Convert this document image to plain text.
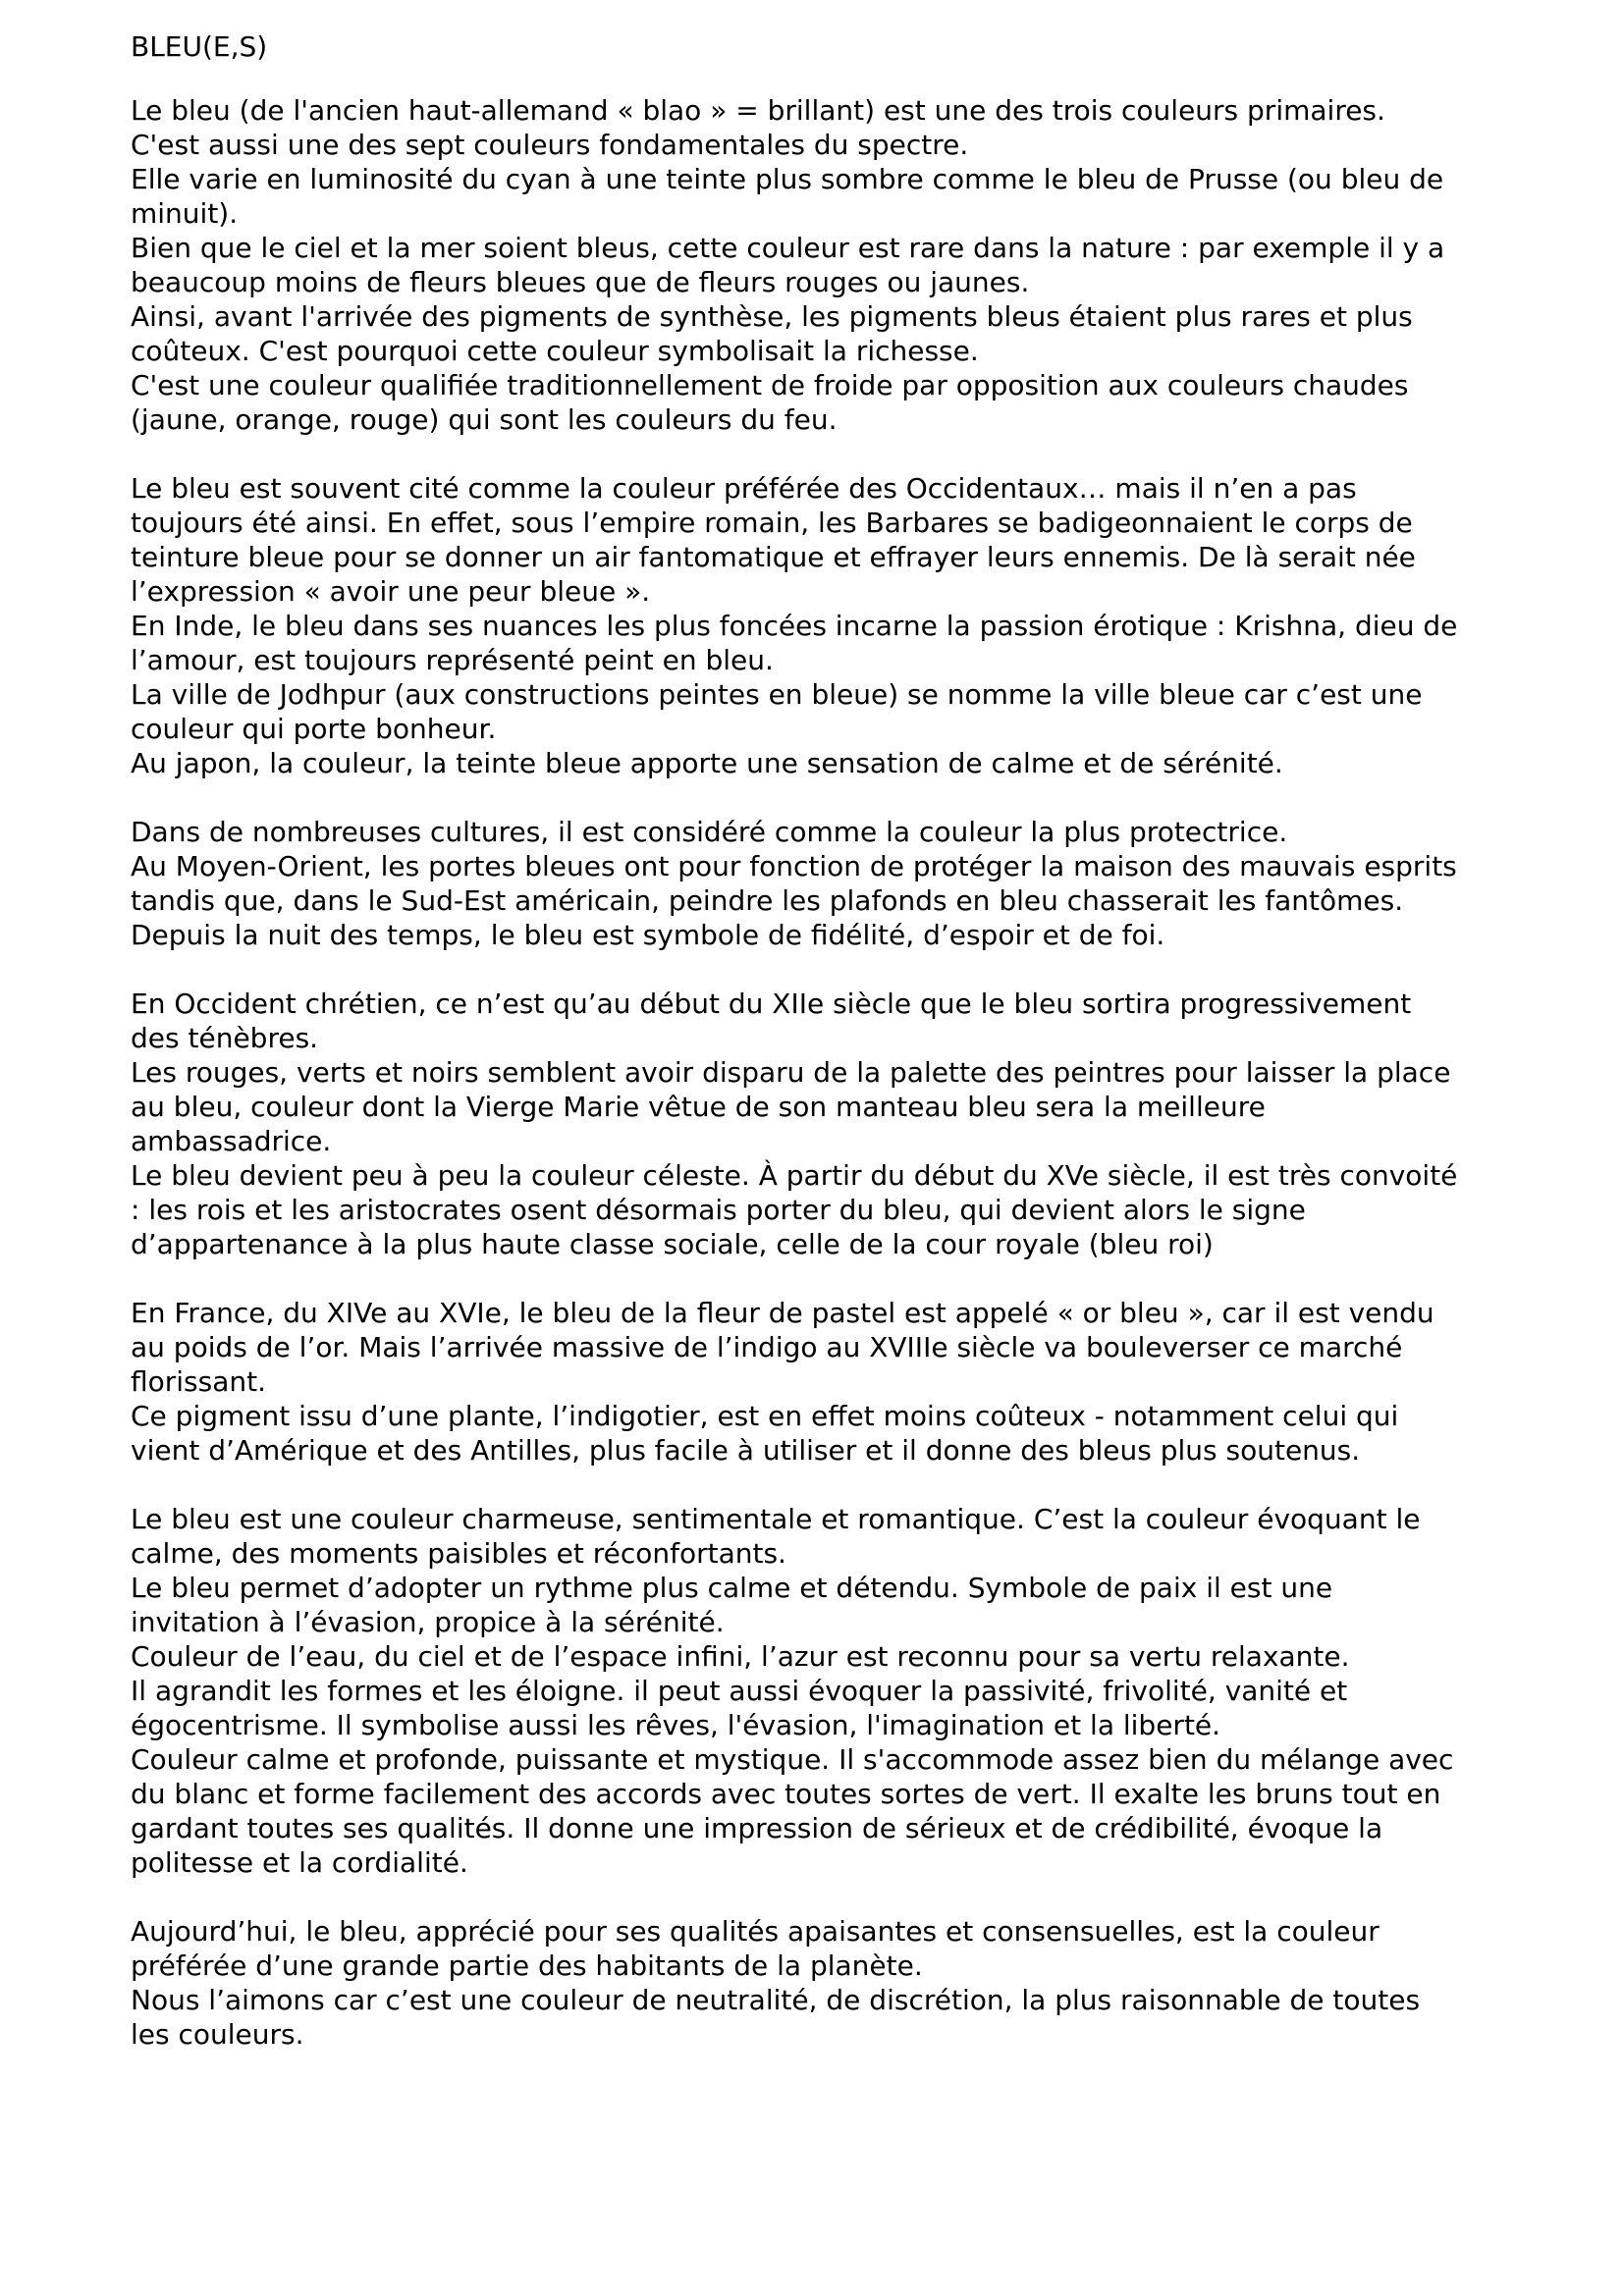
BLEU(E,S)
Le bleu (de l'ancien haut-allemand « blao » = brillant) est une des trois couleurs primaires.
C'est aussi une des sept couleurs fondamentales du spectre.
Elle varie en luminosité du cyan à une teinte plus sombre comme le bleu de Prusse (ou bleu de minuit).
Bien que le ciel et la mer soient bleus, cette couleur est rare dans la nature : par exemple il y a beaucoup moins de fleurs bleues que de fleurs rouges ou jaunes.
Ainsi, avant l'arrivée des pigments de synthèse, les pigments bleus étaient plus rares et plus coûteux. C'est pourquoi cette couleur symbolisait la richesse.
C'est une couleur qualifiée traditionnellement de froide par opposition aux couleurs chaudes (jaune, orange, rouge) qui sont les couleurs du feu.
Le bleu est souvent cité comme la couleur préférée des Occidentaux… mais il n’en a pas toujours été ainsi. En effet, sous l’empire romain, les Barbares se badigeonnaient le corps de teinture bleue pour se donner un air fantomatique et effrayer leurs ennemis. De là serait née l’expression « avoir une peur bleue ».
En Inde, le bleu dans ses nuances les plus foncées incarne la passion érotique : Krishna, dieu de l’amour, est toujours représenté peint en bleu.
La ville de Jodhpur (aux constructions peintes en bleue) se nomme la ville bleue car c’est une couleur qui porte bonheur.
Au japon, la couleur, la teinte bleue apporte une sensation de calme et de sérénité.
Dans de nombreuses cultures, il est considéré comme la couleur la plus protectrice.
Au Moyen-Orient, les portes bleues ont pour fonction de protéger la maison des mauvais esprits tandis que, dans le Sud-Est américain, peindre les plafonds en bleu chasserait les fantômes.
Depuis la nuit des temps, le bleu est symbole de fidélité, d’espoir et de foi.
En Occident chrétien, ce n’est qu’au début du XIIe siècle que le bleu sortira progressivement des ténèbres.
Les rouges, verts et noirs semblent avoir disparu de la palette des peintres pour laisser la place au bleu, couleur dont la Vierge Marie vêtue de son manteau bleu sera la meilleure ambassadrice.
Le bleu devient peu à peu la couleur céleste. À partir du début du XVe siècle, il est très convoité : les rois et les aristocrates osent désormais porter du bleu, qui devient alors le signe d’appartenance à la plus haute classe sociale, celle de la cour royale (bleu roi)
En France, du XIVe au XVIe, le bleu de la fleur de pastel est appelé « or bleu », car il est vendu au poids de l’or. Mais l’arrivée massive de l’indigo au XVIIIe siècle va bouleverser ce marché florissant.
Ce pigment issu d’une plante, l’indigotier, est en effet moins coûteux - notamment celui qui vient d’Amérique et des Antilles, plus facile à utiliser et il donne des bleus plus soutenus.
Le bleu est une couleur charmeuse, sentimentale et romantique. C’est la couleur évoquant le calme, des moments paisibles et réconfortants.
Le bleu permet d’adopter un rythme plus calme et détendu. Symbole de paix il est une invitation à l’évasion, propice à la sérénité.
Couleur de l’eau, du ciel et de l’espace infini, l’azur est reconnu pour sa vertu relaxante.
Il agrandit les formes et les éloigne. il peut aussi évoquer la passivité, frivolité, vanité et égocentrisme. Il symbolise aussi les rêves, l'évasion, l'imagination et la liberté.
Couleur calme et profonde, puissante et mystique. Il s'accommode assez bien du mélange avec du blanc et forme facilement des accords avec toutes sortes de vert. Il exalte les bruns tout en gardant toutes ses qualités. Il donne une impression de sérieux et de crédibilité, évoque la politesse et la cordialité.
Aujourd’hui, le bleu, apprécié pour ses qualités apaisantes et consensuelles, est la couleur préférée d’une grande partie des habitants de la planète.
Nous l’aimons car c’est une couleur de neutralité, de discrétion, la plus raisonnable de toutes les couleurs.
